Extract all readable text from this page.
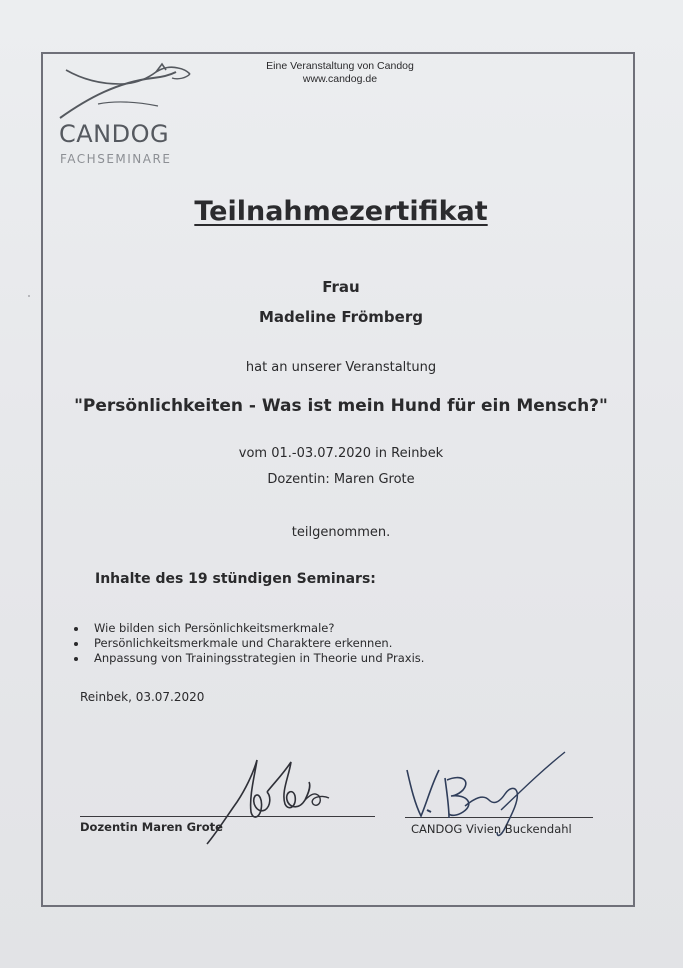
CANDOG
FACHSEMINARE
Eine Veranstaltung von Candog
www.candog.de
Teilnahmezertifikat
Frau
Madeline Frömberg
hat an unserer Veranstaltung
"Persönlichkeiten - Was ist mein Hund für ein Mensch?"
vom 01.-03.07.2020 in Reinbek
Dozentin: Maren Grote
teilgenommen.
Inhalte des 19 stündigen Seminars:
Wie bilden sich Persönlichkeitsmerkmale?
Persönlichkeitsmerkmale und Charaktere erkennen.
Anpassung von Trainingsstrategien in Theorie und Praxis.
Reinbek, 03.07.2020
Dozentin Maren Grote	CANDOG Vivien Buckendahl
